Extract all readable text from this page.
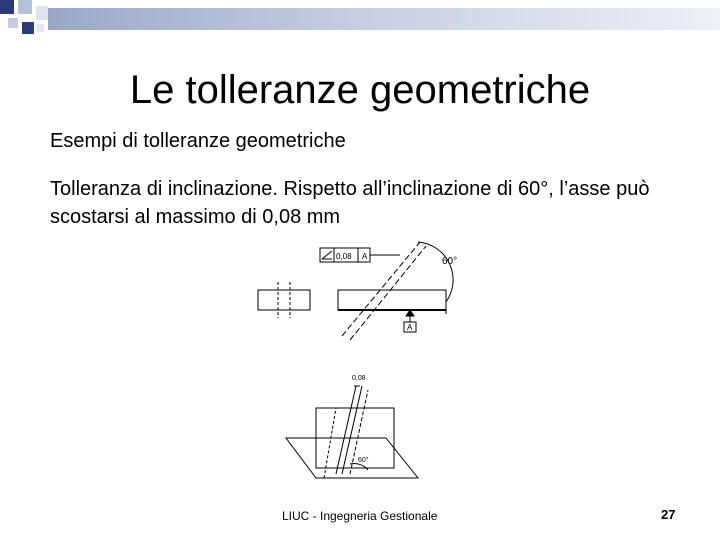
Le tolleranze geometriche
Esempi di tolleranze geometriche
Tolleranza di inclinazione. Rispetto all’inclinazione di 60°, l’asse può scostarsi al massimo di 0,08 mm
0,08 A	60°
A
0,08
60°
LIUC - Ingegneria Gestionale	27
